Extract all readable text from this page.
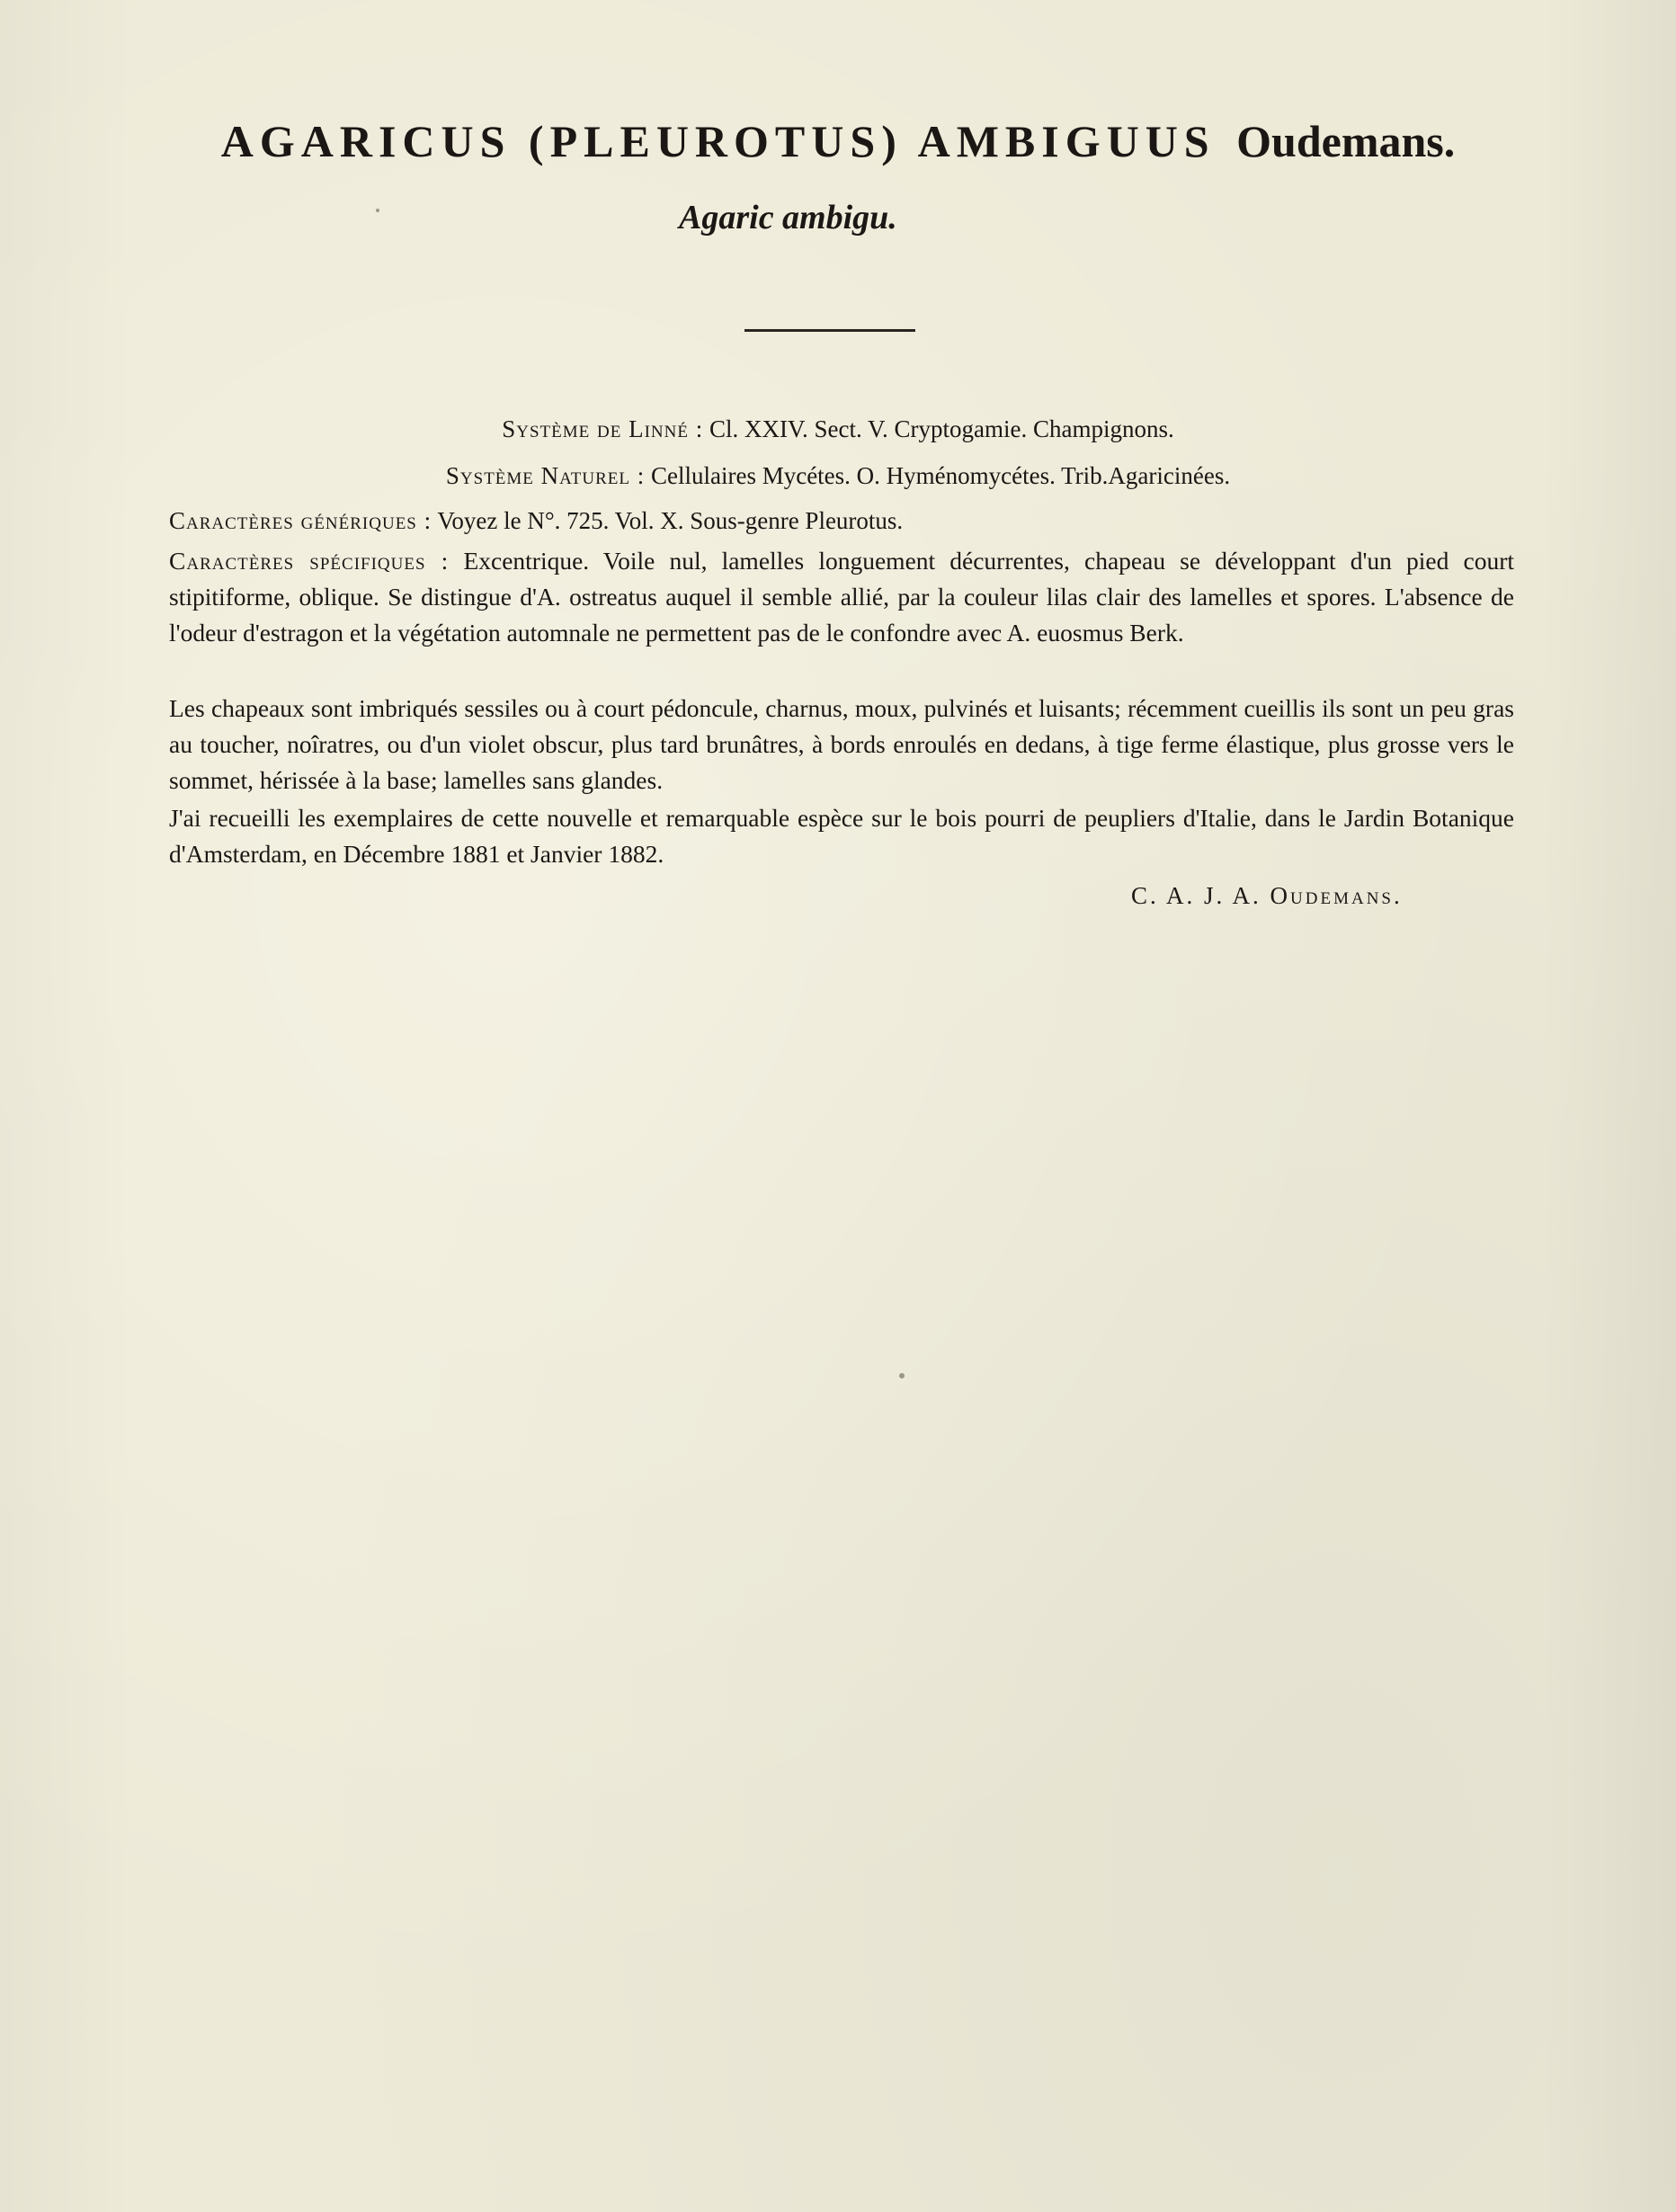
AGARICUS (PLEUROTUS) AMBIGUUS Oudemans.
Agaric ambigu.
Système de Linné : Cl. XXIV. Sect. V. Cryptogamie. Champignons.
Système Naturel : Cellulaires Mycétes. O. Hyménomycétes. Trib.Agaricinées.
Caractères génériques : Voyez le N°. 725. Vol. X. Sous-genre Pleurotus.
Caractères spécifiques : Excentrique. Voile nul, lamelles longuement décurrentes, chapeau se développant d'un pied court stipitiforme, oblique. Se distingue d'A. ostreatus auquel il semble allié, par la couleur lilas clair des lamelles et spores. L'absence de l'odeur d'estragon et la végétation automnale ne permettent pas de le confondre avec A. euosmus Berk.
Les chapeaux sont imbriqués sessiles ou à court pédoncule, charnus, moux, pulvinés et luisants; récemment cueillis ils sont un peu gras au toucher, noîratres, ou d'un violet obscur, plus tard brunâtres, à bords enroulés en dedans, à tige ferme élastique, plus grosse vers le sommet, hérissée à la base; lamelles sans glandes.
J'ai recueilli les exemplaires de cette nouvelle et remarquable espèce sur le bois pourri de peupliers d'Italie, dans le Jardin Botanique d'Amsterdam, en Décembre 1881 et Janvier 1882.
C. A. J. A. Oudemans.
